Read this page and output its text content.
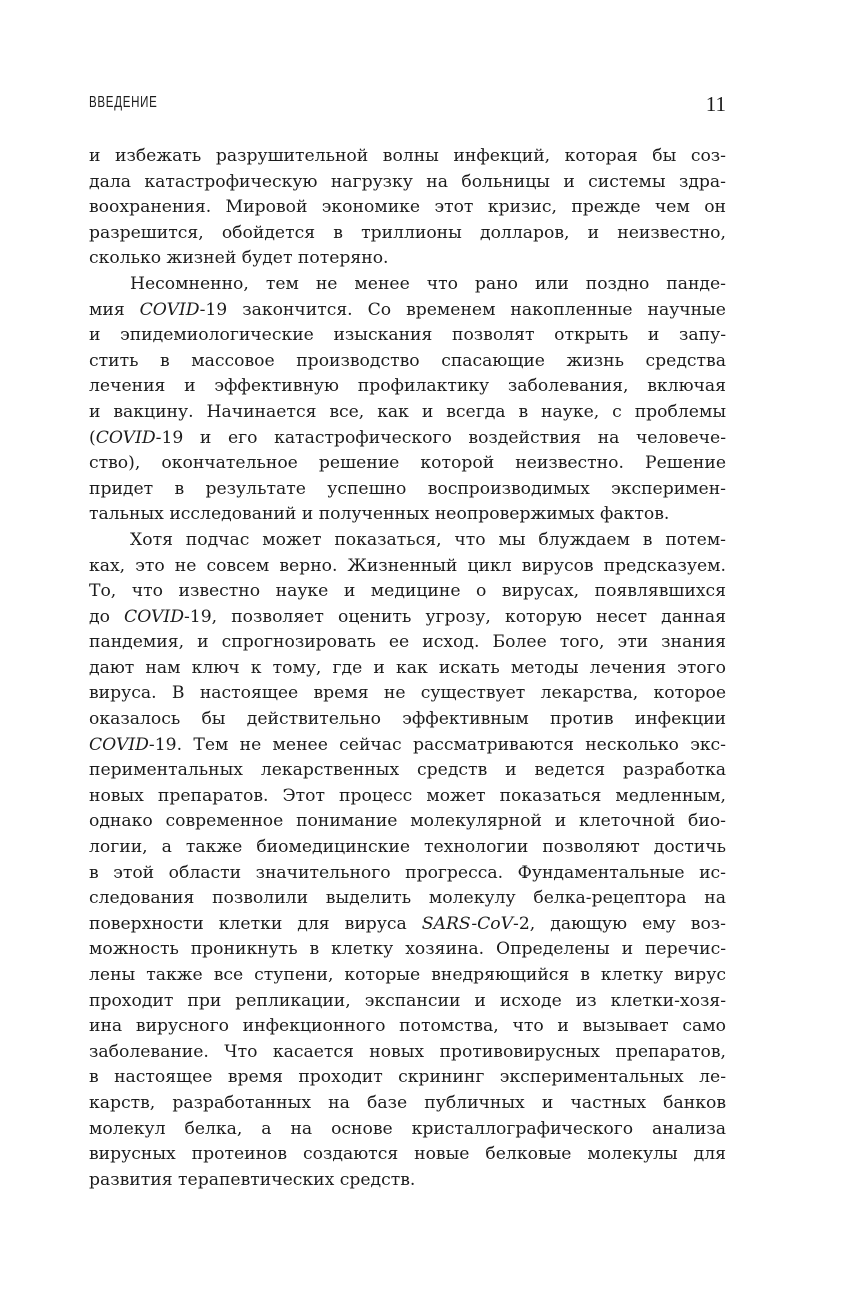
ВВЕДЕНИЕ	11
и избежать разрушительной волны инфекций, которая бы соз-
дала катастрофическую нагрузку на больницы и системы здра-
воохранения. Мировой экономике этот кризис, прежде чем он
разрешится, обойдется в триллионы долларов, и неизвестно,
сколько жизней будет потеряно.
Несомненно, тем не менее что рано или поздно панде-
мия COVID-19 закончится. Со временем накопленные научные
и эпидемиологические изыскания позволят открыть и запу-
стить в массовое производство спасающие жизнь средства
лечения и эффективную профилактику заболевания, включая
и вакцину. Начинается все, как и всегда в науке, с проблемы
(COVID-19 и его катастрофического воздействия на человече-
ство), окончательное решение которой неизвестно. Решение
придет в результате успешно воспроизводимых эксперимен-
тальных исследований и полученных неопровержимых фактов.
Хотя подчас может показаться, что мы блуждаем в потем-
ках, это не совсем верно. Жизненный цикл вирусов предсказуем.
То, что известно науке и медицине о вирусах, появлявшихся
до COVID-19, позволяет оценить угрозу, которую несет данная
пандемия, и спрогнозировать ее исход. Более того, эти знания
дают нам ключ к тому, где и как искать методы лечения этого
вируса. В настоящее время не существует лекарства, которое
оказалось бы действительно эффективным против инфекции
COVID-19. Тем не менее сейчас рассматриваются несколько экс-
периментальных лекарственных средств и ведется разработка
новых препаратов. Этот процесс может показаться медленным,
однако современное понимание молекулярной и клеточной био-
логии, а также биомедицинские технологии позволяют достичь
в этой области значительного прогресса. Фундаментальные ис-
следования позволили выделить молекулу белка-рецептора на
поверхности клетки для вируса SARS-CoV-2, дающую ему воз-
можность проникнуть в клетку хозяина. Определены и перечис-
лены также все ступени, которые внедряющийся в клетку вирус
проходит при репликации, экспансии и исходе из клетки-хозя-
ина вирусного инфекционного потомства, что и вызывает само
заболевание. Что касается новых противовирусных препаратов,
в настоящее время проходит скрининг экспериментальных ле-
карств, разработанных на базе публичных и частных банков
молекул белка, а на основе кристаллографического анализа
вирусных протеинов создаются новые белковые молекулы для
развития терапевтических средств.
